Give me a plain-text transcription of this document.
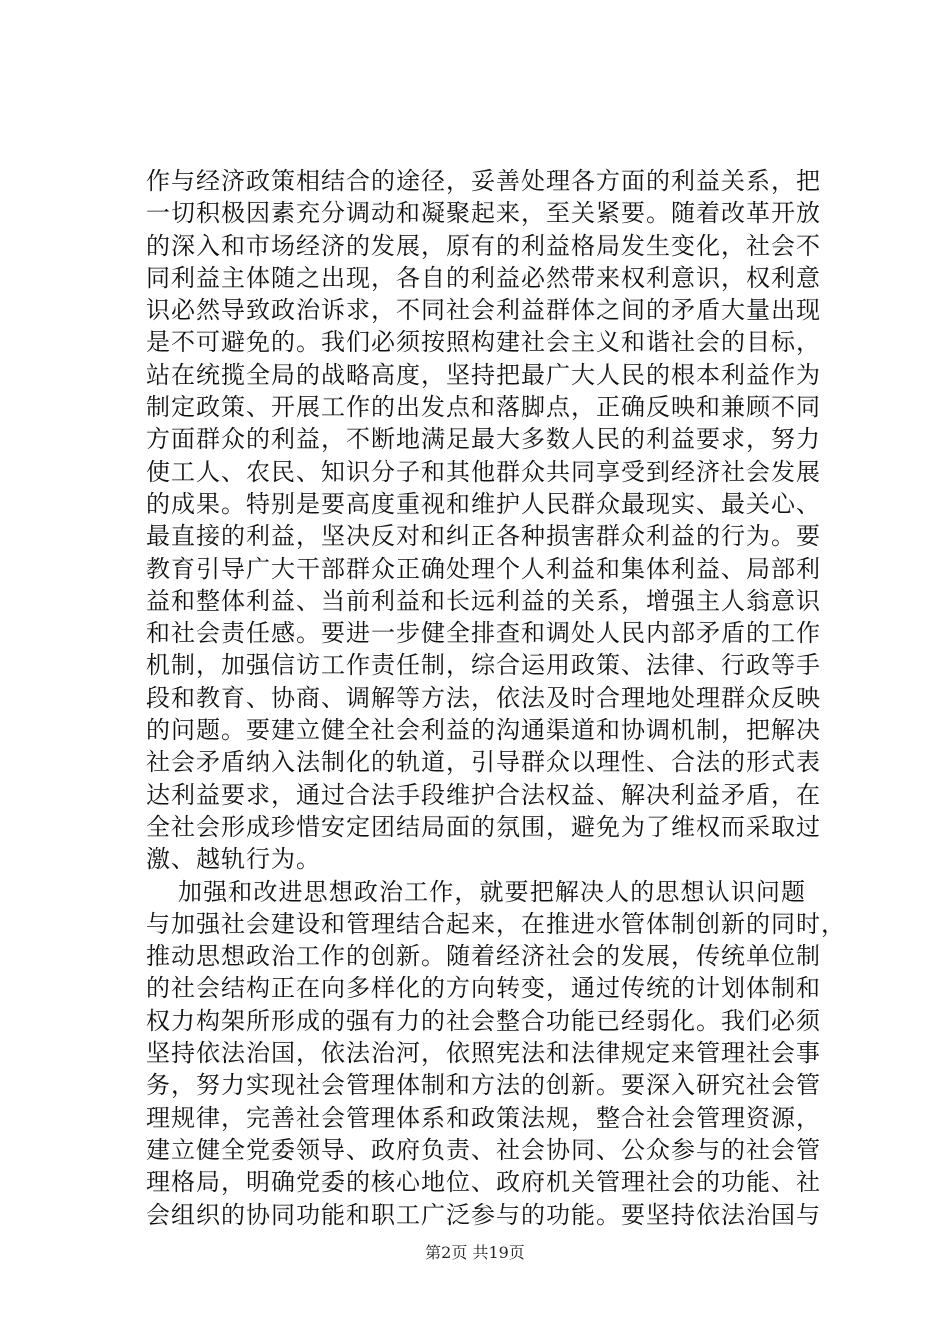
作与经济政策相结合的途径，妥善处理各方面的利益关系，把
一切积极因素充分调动和凝聚起来，至关紧要。随着改革开放
的深入和市场经济的发展，原有的利益格局发生变化，社会不
同利益主体随之出现，各自的利益必然带来权利意识，权利意
识必然导致政治诉求，不同社会利益群体之间的矛盾大量出现
是不可避免的。我们必须按照构建社会主义和谐社会的目标，
站在统揽全局的战略高度，坚持把最广大人民的根本利益作为
制定政策、开展工作的出发点和落脚点，正确反映和兼顾不同
方面群众的利益，不断地满足最大多数人民的利益要求，努力
使工人、农民、知识分子和其他群众共同享受到经济社会发展
的成果。特别是要高度重视和维护人民群众最现实、最关心、
最直接的利益，坚决反对和纠正各种损害群众利益的行为。要
教育引导广大干部群众正确处理个人利益和集体利益、局部利
益和整体利益、当前利益和长远利益的关系，增强主人翁意识
和社会责任感。要进一步健全排查和调处人民内部矛盾的工作
机制，加强信访工作责任制，综合运用政策、法律、行政等手
段和教育、协商、调解等方法，依法及时合理地处理群众反映
的问题。要建立健全社会利益的沟通渠道和协调机制，把解决
社会矛盾纳入法制化的轨道，引导群众以理性、合法的形式表
达利益要求，通过合法手段维护合法权益、解决利益矛盾，在
全社会形成珍惜安定团结局面的氛围，避免为了维权而采取过
激、越轨行为。
加强和改进思想政治工作，就要把解决人的思想认识问题
与加强社会建设和管理结合起来，在推进水管体制创新的同时，
推动思想政治工作的创新。随着经济社会的发展，传统单位制
的社会结构正在向多样化的方向转变，通过传统的计划体制和
权力构架所形成的强有力的社会整合功能已经弱化。我们必须
坚持依法治国，依法治河，依照宪法和法律规定来管理社会事
务，努力实现社会管理体制和方法的创新。要深入研究社会管
理规律，完善社会管理体系和政策法规，整合社会管理资源，
建立健全党委领导、政府负责、社会协同、公众参与的社会管
理格局，明确党委的核心地位、政府机关管理社会的功能、社
会组织的协同功能和职工广泛参与的功能。要坚持依法治国与
第2页 共19页
